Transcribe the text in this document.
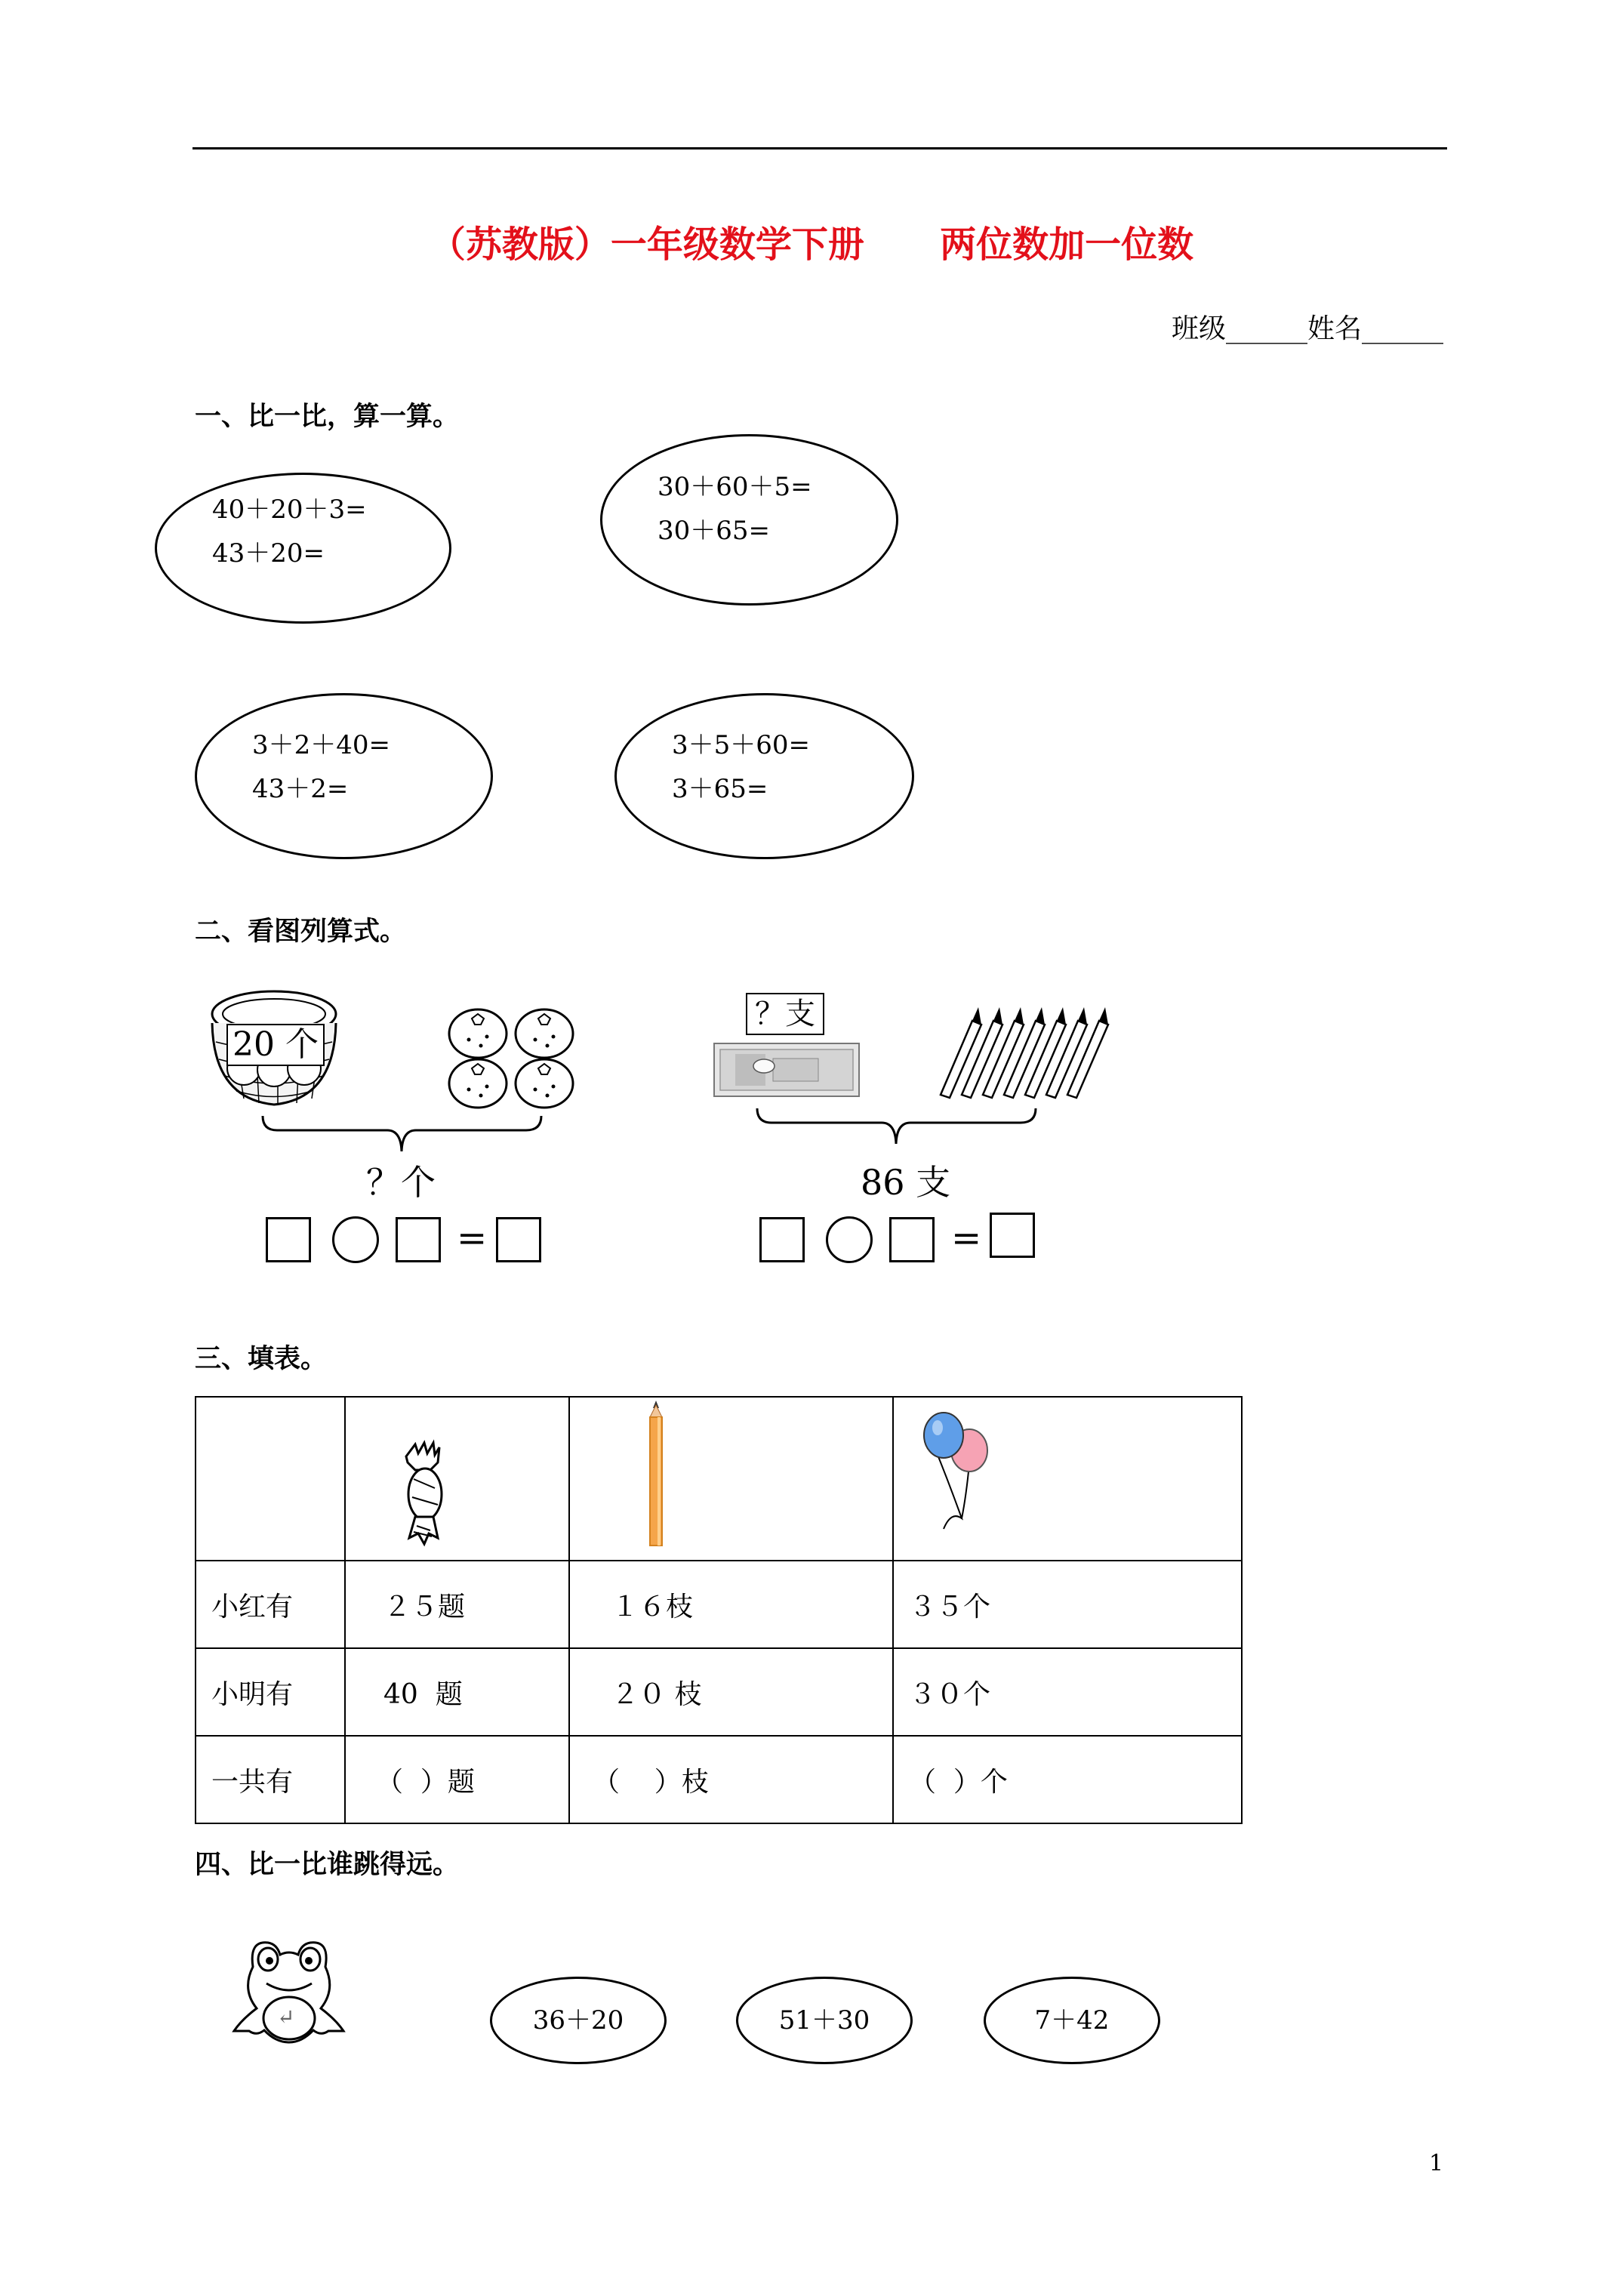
（苏教版）一年级数学下册      两位数加一位数
班级______姓名______
一、比一比，算一算。
40＋20＋3=
43＋20=
30＋60＋5=
30＋65=
3＋2＋40=
43＋2=
3＋5＋60=
3＋65=
二、看图列算式。
20 个
？个
=
？支
86 支
=
三、填表。

小红有	２５题	１６枝	３５个
小明有	40  题	２０ 枝	３０个
一共有	（  ）题	（    ）枝	（  ）个
四、比一比谁跳得远。
↵	36＋20	51＋30	7＋42
1
